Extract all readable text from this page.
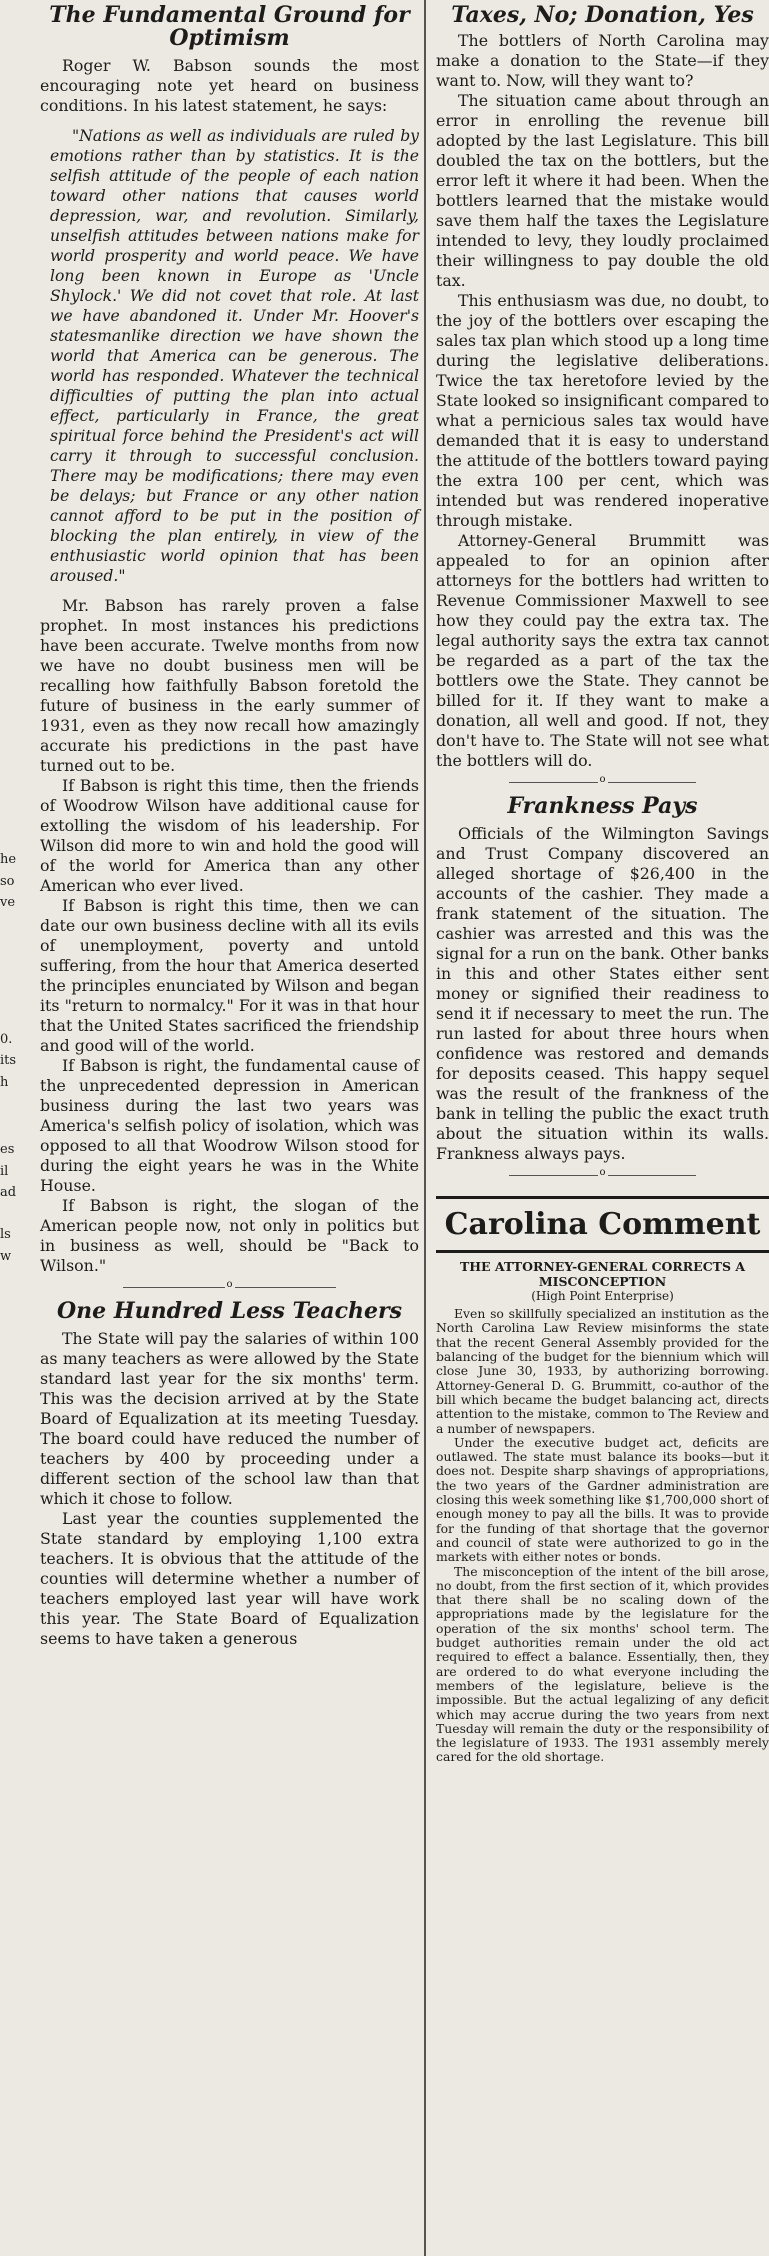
he
so
ve
0.
its
h
es
il
ad
ls
w
The Fundamental Ground for Optimism

Roger W. Babson sounds the most encouraging note yet heard on business conditions. In his latest statement, he says:

"Nations as well as individuals are ruled by emotions rather than by statistics. It is the selfish attitude of the people of each nation toward other nations that causes world depression, war, and revolution. Similarly, unselfish attitudes between nations make for world prosperity and world peace. We have long been known in Europe as 'Uncle Shylock.' We did not covet that role. At last we have abandoned it. Under Mr. Hoover's statesmanlike direction we have shown the world that America can be generous. The world has responded. Whatever the technical difficulties of putting the plan into actual effect, particularly in France, the great spiritual force behind the President's act will carry it through to successful conclusion. There may be modifications; there may even be delays; but France or any other nation cannot afford to be put in the position of blocking the plan entirely, in view of the enthusiastic world opinion that has been aroused."

Mr. Babson has rarely proven a false prophet. In most instances his predictions have been accurate. Twelve months from now we have no doubt business men will be recalling how faithfully Babson foretold the future of business in the early summer of 1931, even as they now recall how amazingly accurate his predictions in the past have turned out to be.

If Babson is right this time, then the friends of Woodrow Wilson have additional cause for extolling the wisdom of his leadership. For Wilson did more to win and hold the good will of the world for America than any other American who ever lived.

If Babson is right this time, then we can date our own business decline with all its evils of unemployment, poverty and untold suffering, from the hour that America deserted the principles enunciated by Wilson and began its "return to normalcy." For it was in that hour that the United States sacrificed the friendship and good will of the world.

If Babson is right, the fundamental cause of the unprecedented depression in American business during the last two years was America's selfish policy of isolation, which was opposed to all that Woodrow Wilson stood for during the eight years he was in the White House.

If Babson is right, the slogan of the American people now, not only in politics but in business as well, should be "Back to Wilson."

o
One Hundred Less Teachers

The State will pay the salaries of within 100 as many teachers as were allowed by the State standard last year for the six months' term. This was the decision arrived at by the State Board of Equalization at its meeting Tuesday. The board could have reduced the number of teachers by 400 by proceeding under a different section of the school law than that which it chose to follow.

Last year the counties supplemented the State standard by employing 1,100 extra teachers. It is obvious that the attitude of the counties will determine whether a number of teachers employed last year will have work this year. The State Board of Equalization seems to have taken a generous

Taxes, No; Donation, Yes

The bottlers of North Carolina may make a donation to the State—if they want to. Now, will they want to?

The situation came about through an error in enrolling the revenue bill adopted by the last Legislature. This bill doubled the tax on the bottlers, but the error left it where it had been. When the bottlers learned that the mistake would save them half the taxes the Legislature intended to levy, they loudly proclaimed their willingness to pay double the old tax.

This enthusiasm was due, no doubt, to the joy of the bottlers over escaping the sales tax plan which stood up a long time during the legislative deliberations. Twice the tax heretofore levied by the State looked so insignificant compared to what a pernicious sales tax would have demanded that it is easy to understand the attitude of the bottlers toward paying the extra 100 per cent, which was intended but was rendered inoperative through mistake.

Attorney-General Brummitt was appealed to for an opinion after attorneys for the bottlers had written to Revenue Commissioner Maxwell to see how they could pay the extra tax. The legal authority says the extra tax cannot be regarded as a part of the tax the bottlers owe the State. They cannot be billed for it. If they want to make a donation, all well and good. If not, they don't have to. The State will not see what the bottlers will do.

o
Frankness Pays

Officials of the Wilmington Savings and Trust Company discovered an alleged shortage of $26,400 in the accounts of the cashier. They made a frank statement of the situation. The cashier was arrested and this was the signal for a run on the bank. Other banks in this and other States either sent money or signified their readiness to send it if necessary to meet the run. The run lasted for about three hours when confidence was restored and demands for deposits ceased. This happy sequel was the result of the frankness of the bank in telling the public the exact truth about the situation within its walls. Frankness always pays.

o
Carolina Comment

THE ATTORNEY-GENERAL CORRECTS A MISCONCEPTION

(High Point Enterprise)

Even so skillfully specialized an institution as the North Carolina Law Review misinforms the state that the recent General Assembly provided for the balancing of the budget for the biennium which will close June 30, 1933, by authorizing borrowing. Attorney-General D. G. Brummitt, co-author of the bill which became the budget balancing act, directs attention to the mistake, common to The Review and a number of newspapers.

Under the executive budget act, deficits are outlawed. The state must balance its books—but it does not. Despite sharp shavings of appropriations, the two years of the Gardner administration are closing this week something like $1,700,000 short of enough money to pay all the bills. It was to provide for the funding of that shortage that the governor and council of state were authorized to go in the markets with either notes or bonds.

The misconception of the intent of the bill arose, no doubt, from the first section of it, which provides that there shall be no scaling down of the appropriations made by the legislature for the operation of the six months' school term. The budget authorities remain under the old act required to effect a balance. Essentially, then, they are ordered to do what everyone including the members of the legislature, believe is the impossible. But the actual legalizing of any deficit which may accrue during the two years from next Tuesday will remain the duty or the responsibility of the legislature of 1933. The 1931 assembly merely cared for the old shortage.
